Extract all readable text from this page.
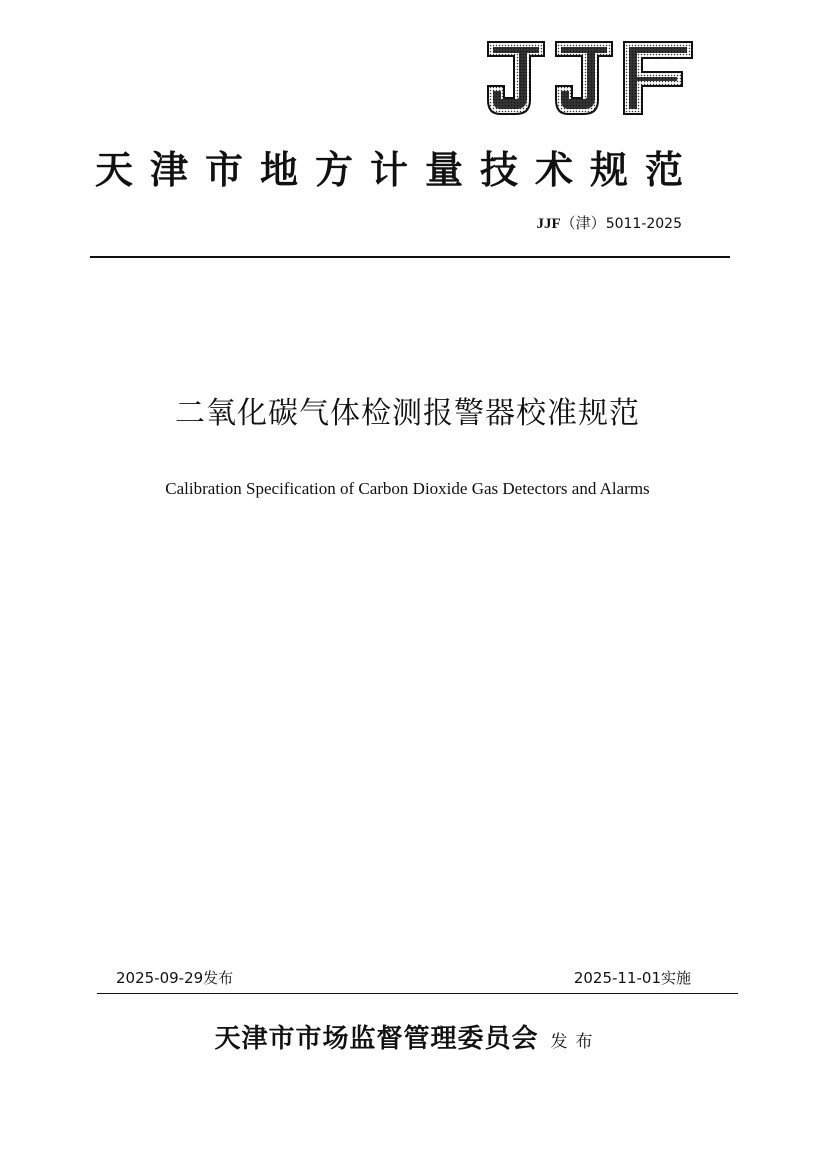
天津市地方计量技术规范
JJF（津）5011-2025
二氧化碳气体检测报警器校准规范
Calibration Specification of Carbon Dioxide Gas Detectors and Alarms
2025-09-29发布	2025-11-01实施
天津市市场监督管理委员会 发布
